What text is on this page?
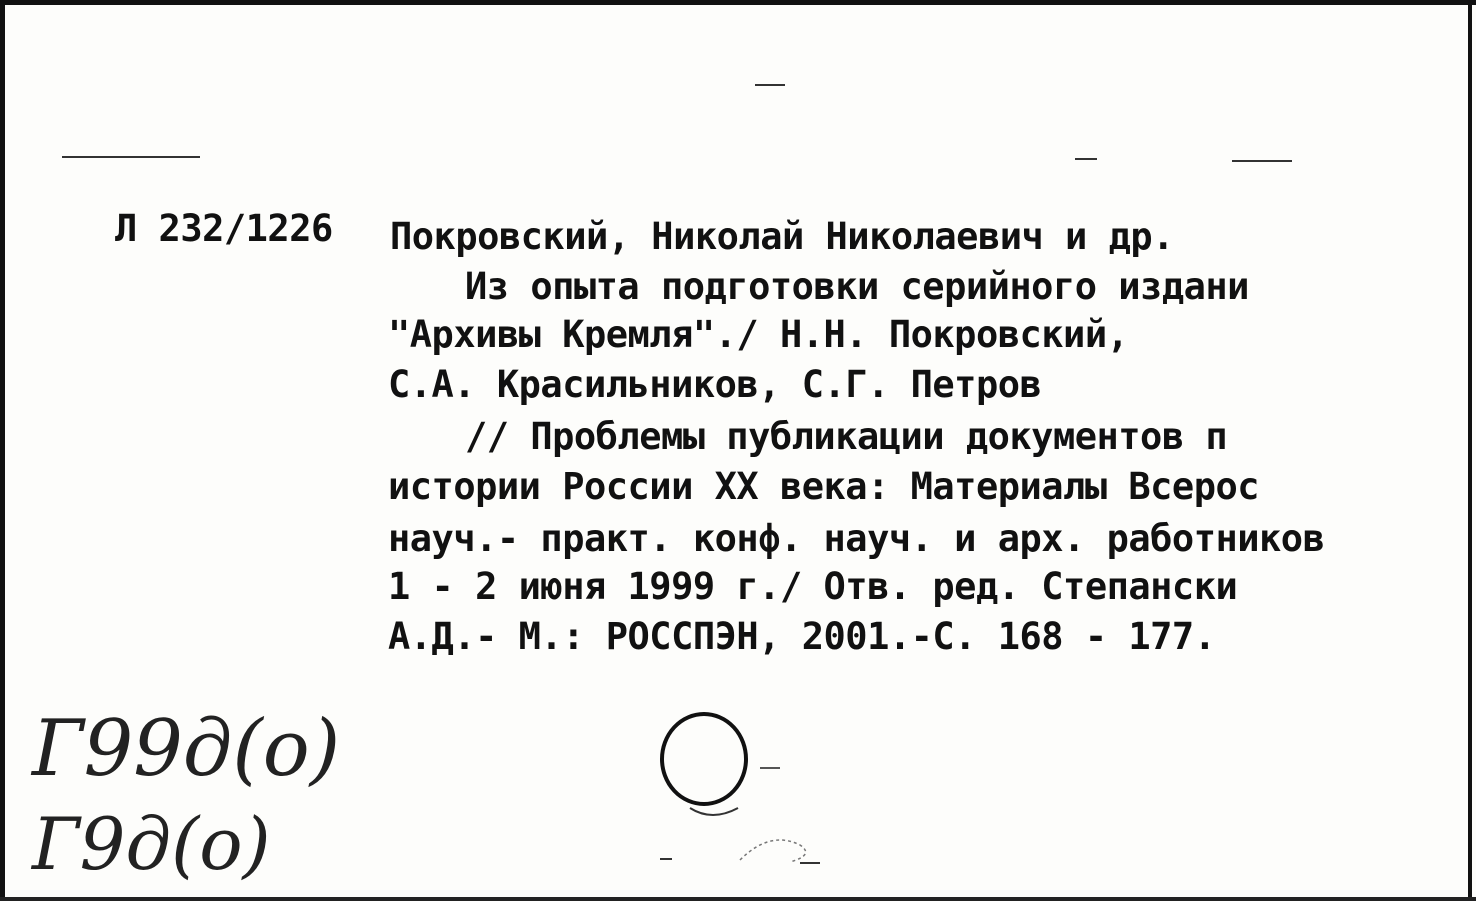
Л 232/1226 Покровский, Николай Николаевич и др.
Из опыта подготовки серийного издани
"Архивы Кремля"./ Н.Н. Покровский,
С.А. Красильников, С.Г. Петров
// Проблемы публикации документов п
истории России XX века: Материалы Всерос
науч.- практ. конф. науч. и арх. работников
1 - 2 июня 1999 г./ Отв. ред. Степански
А.Д.- М.: РОССПЭН, 2001.-С. 168 - 177.
Г99д(о)
Г9д(о)
